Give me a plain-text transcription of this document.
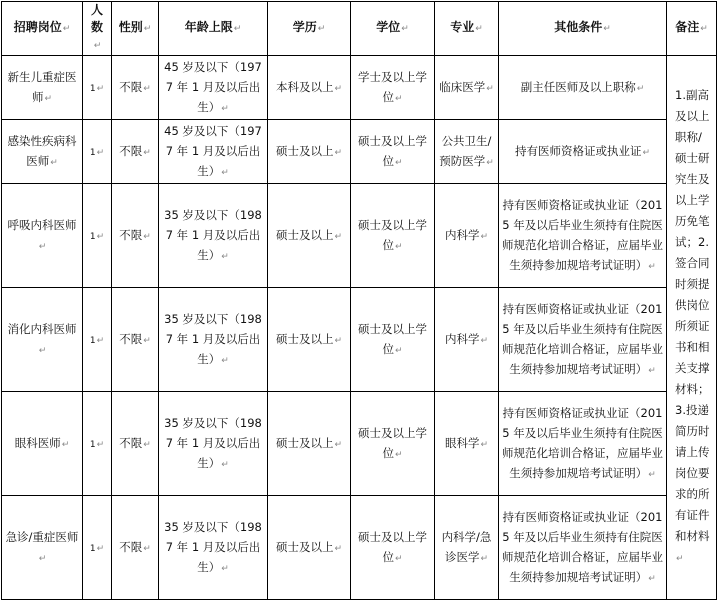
招聘岗位↵	人数↵	性别↵	年龄上限↵	学历↵	学位↵	专业↵	其他条件↵	备注↵
新生儿重症医师↵	1↵	不限↵	45 岁及以下（1977 年 1 月及以后出生）↵	本科及以上↵	学士及以上学位↵	临床医学↵	副主任医师及以上职称↵	1.副高及以上职称/硕士研究生及以上学历免笔试；2.签合同时须提供岗位所须证书和相关支撑材料；3.投递简历时请上传岗位要求的所有证件和材料↵
感染性疾病科医师↵	1↵	不限↵	45 岁及以下（1977 年 1 月及以后出生）↵	硕士及以上↵	硕士及以上学位↵	公共卫生/预防医学↵	持有医师资格证或执业证↵	
呼吸内科医师↵	1↵	不限↵	35 岁及以下（1987 年 1 月及以后出生）↵	硕士及以上↵	硕士及以上学位↵	内科学↵	持有医师资格证或执业证（2015 年及以后毕业生须持有住院医师规范化培训合格证，应届毕业生须持参加规培考试证明）↵	
消化内科医师↵	1↵	不限↵	35 岁及以下（1987 年 1 月及以后出生）↵	硕士及以上↵	硕士及以上学位↵	内科学↵	持有医师资格证或执业证（2015 年及以后毕业生须持有住院医师规范化培训合格证，应届毕业生须持参加规培考试证明）↵	
眼科医师↵	1↵	不限↵	35 岁及以下（1987 年 1 月及以后出生）↵	硕士及以上↵	硕士及以上学位↵	眼科学↵	持有医师资格证或执业证（2015 年及以后毕业生须持有住院医师规范化培训合格证，应届毕业生须持参加规培考试证明）↵	
急诊/重症医师↵	1↵	不限↵	35 岁及以下（1987 年 1 月及以后出生）↵	硕士及以上↵	硕士及以上学位↵	内科学/急诊医学↵	持有医师资格证或执业证（2015 年及以后毕业生须持有住院医师规范化培训合格证，应届毕业生须持参加规培考试证明）↵	
